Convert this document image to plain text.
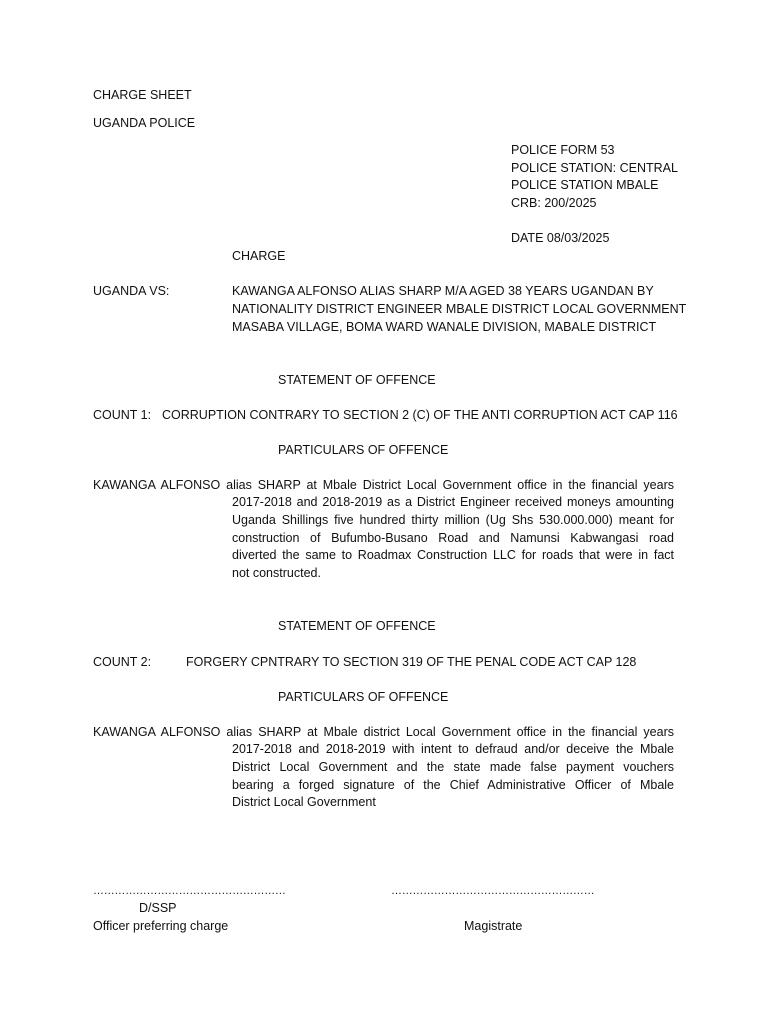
CHARGE SHEET
UGANDA POLICE
POLICE FORM 53
POLICE STATION: CENTRAL
POLICE STATION MBALE
CRB: 200/2025
DATE 08/03/2025
CHARGE
UGANDA VS:	KAWANGA ALFONSO ALIAS SHARP M/A AGED 38 YEARS UGANDAN BY
NATIONALITY DISTRICT ENGINEER MBALE DISTRICT LOCAL GOVERNMENT
MASABA VILLAGE, BOMA WARD WANALE DIVISION, MABALE DISTRICT
STATEMENT OF OFFENCE
COUNT 1: CORRUPTION CONTRARY TO SECTION 2 (C) OF THE ANTI CORRUPTION ACT CAP 116
PARTICULARS OF OFFENCE
KAWANGA ALFONSO alias SHARP at Mbale District Local Government office in the financial years
2017-2018 and 2018-2019 as a District Engineer received moneys amounting
Uganda Shillings five hundred thirty million (Ug Shs 530.000.000) meant for
construction of Bufumbo-Busano Road and Namunsi Kabwangasi road
diverted the same to Roadmax Construction LLC for roads that were in fact
not constructed.
STATEMENT OF OFFENCE
COUNT 2:	FORGERY CPNTRARY TO SECTION 319 OF THE PENAL CODE ACT CAP 128
PARTICULARS OF OFFENCE
KAWANGA ALFONSO alias SHARP at Mbale district Local Government office in the financial years
2017-2018 and 2018-2019 with intent to defraud and/or deceive the Mbale
District Local Government and the state made false payment vouchers
bearing a forged signature of the Chief Administrative Officer of Mbale
District Local Government
………………………………………………	…………………………………………………
D/SSP
Officer preferring charge	Magistrate
